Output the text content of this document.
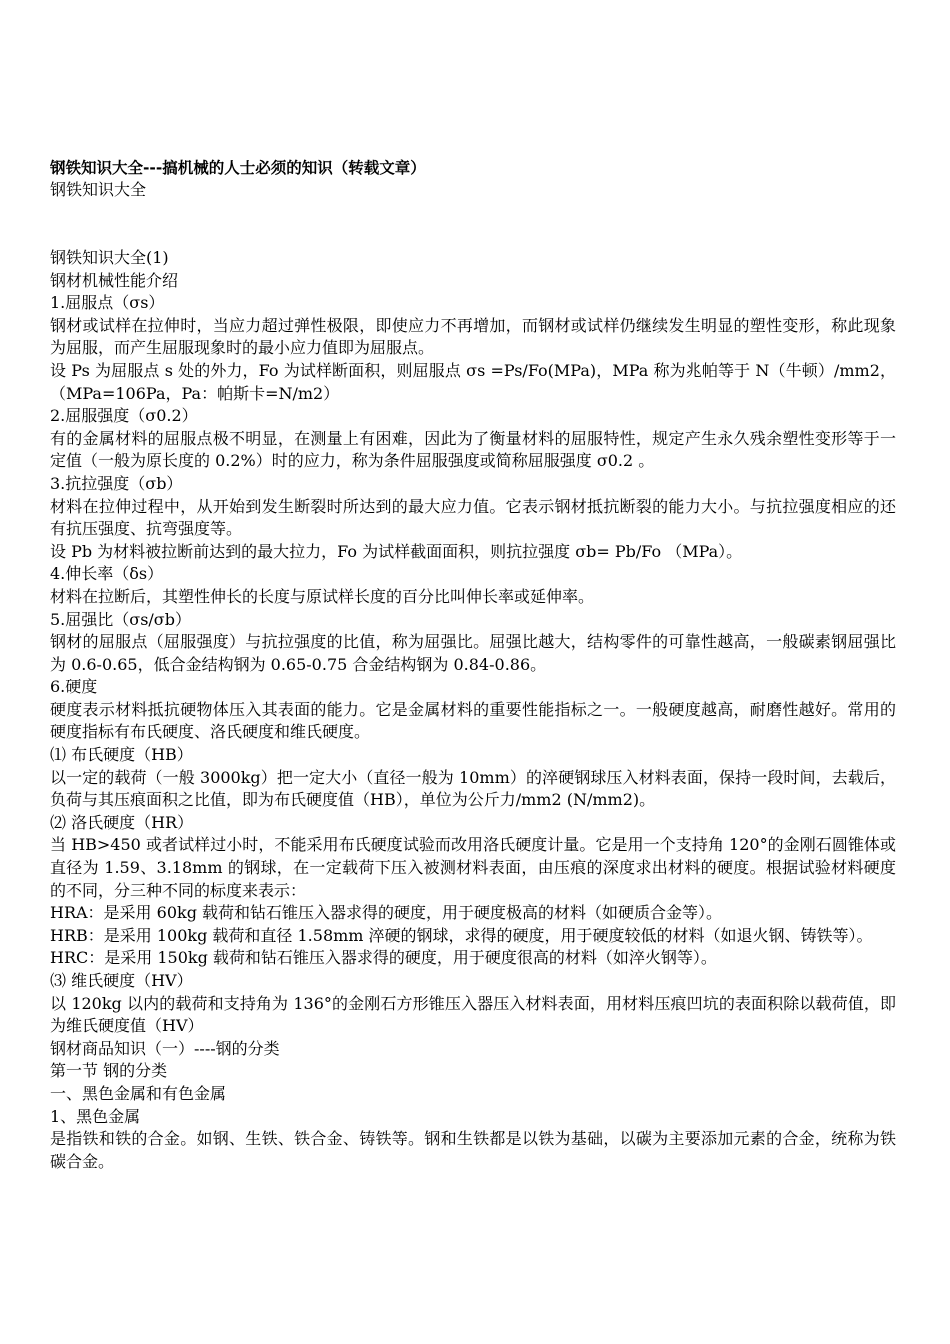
钢铁知识大全---搞机械的人士必须的知识（转载文章）

钢铁知识大全

钢铁知识大全(1)

钢材机械性能介绍

1.屈服点（σs）

钢材或试样在拉伸时，当应力超过弹性极限，即使应力不再增加，而钢材或试样仍继续发生明显的塑性变形，称此现象为屈服，而产生屈服现象时的最小应力值即为屈服点。

设 Ps 为屈服点 s 处的外力，Fo 为试样断面积，则屈服点 σs =Ps/Fo(MPa)，MPa 称为兆帕等于 N（牛顿）/mm2，（MPa=106Pa，Pa：帕斯卡=N/m2）

2.屈服强度（σ0.2）

有的金属材料的屈服点极不明显，在测量上有困难，因此为了衡量材料的屈服特性，规定产生永久残余塑性变形等于一定值（一般为原长度的 0.2%）时的应力，称为条件屈服强度或简称屈服强度 σ0.2 。

3.抗拉强度（σb）

材料在拉伸过程中，从开始到发生断裂时所达到的最大应力值。它表示钢材抵抗断裂的能力大小。与抗拉强度相应的还有抗压强度、抗弯强度等。

设 Pb 为材料被拉断前达到的最大拉力，Fo 为试样截面面积，则抗拉强度 σb= Pb/Fo （MPa）。

4.伸长率（δs）

材料在拉断后，其塑性伸长的长度与原试样长度的百分比叫伸长率或延伸率。

5.屈强比（σs/σb）

钢材的屈服点（屈服强度）与抗拉强度的比值，称为屈强比。屈强比越大，结构零件的可靠性越高，一般碳素钢屈强比为 0.6-0.65，低合金结构钢为 0.65-0.75 合金结构钢为 0.84-0.86。

6.硬度

硬度表示材料抵抗硬物体压入其表面的能力。它是金属材料的重要性能指标之一。一般硬度越高，耐磨性越好。常用的硬度指标有布氏硬度、洛氏硬度和维氏硬度。

⑴ 布氏硬度（HB）

以一定的载荷（一般 3000kg）把一定大小（直径一般为 10mm）的淬硬钢球压入材料表面，保持一段时间，去载后，负荷与其压痕面积之比值，即为布氏硬度值（HB），单位为公斤力/mm2 (N/mm2)。

⑵ 洛氏硬度（HR）

当 HB>450 或者试样过小时，不能采用布氏硬度试验而改用洛氏硬度计量。它是用一个支持角 120°的金刚石圆锥体或直径为 1.59、3.18mm 的钢球，在一定载荷下压入被测材料表面，由压痕的深度求出材料的硬度。根据试验材料硬度的不同，分三种不同的标度来表示：

HRA：是采用 60kg 载荷和钻石锥压入器求得的硬度，用于硬度极高的材料（如硬质合金等）。

HRB：是采用 100kg 载荷和直径 1.58mm 淬硬的钢球，求得的硬度，用于硬度较低的材料（如退火钢、铸铁等）。

HRC：是采用 150kg 载荷和钻石锥压入器求得的硬度，用于硬度很高的材料（如淬火钢等）。

⑶ 维氏硬度（HV）

以 120kg 以内的载荷和支持角为 136°的金刚石方形锥压入器压入材料表面，用材料压痕凹坑的表面积除以载荷值，即为维氏硬度值（HV）

钢材商品知识（一）----钢的分类

第一节 钢的分类

一、黑色金属和有色金属

1、黑色金属

是指铁和铁的合金。如钢、生铁、铁合金、铸铁等。钢和生铁都是以铁为基础，以碳为主要添加元素的合金，统称为铁碳合金。
